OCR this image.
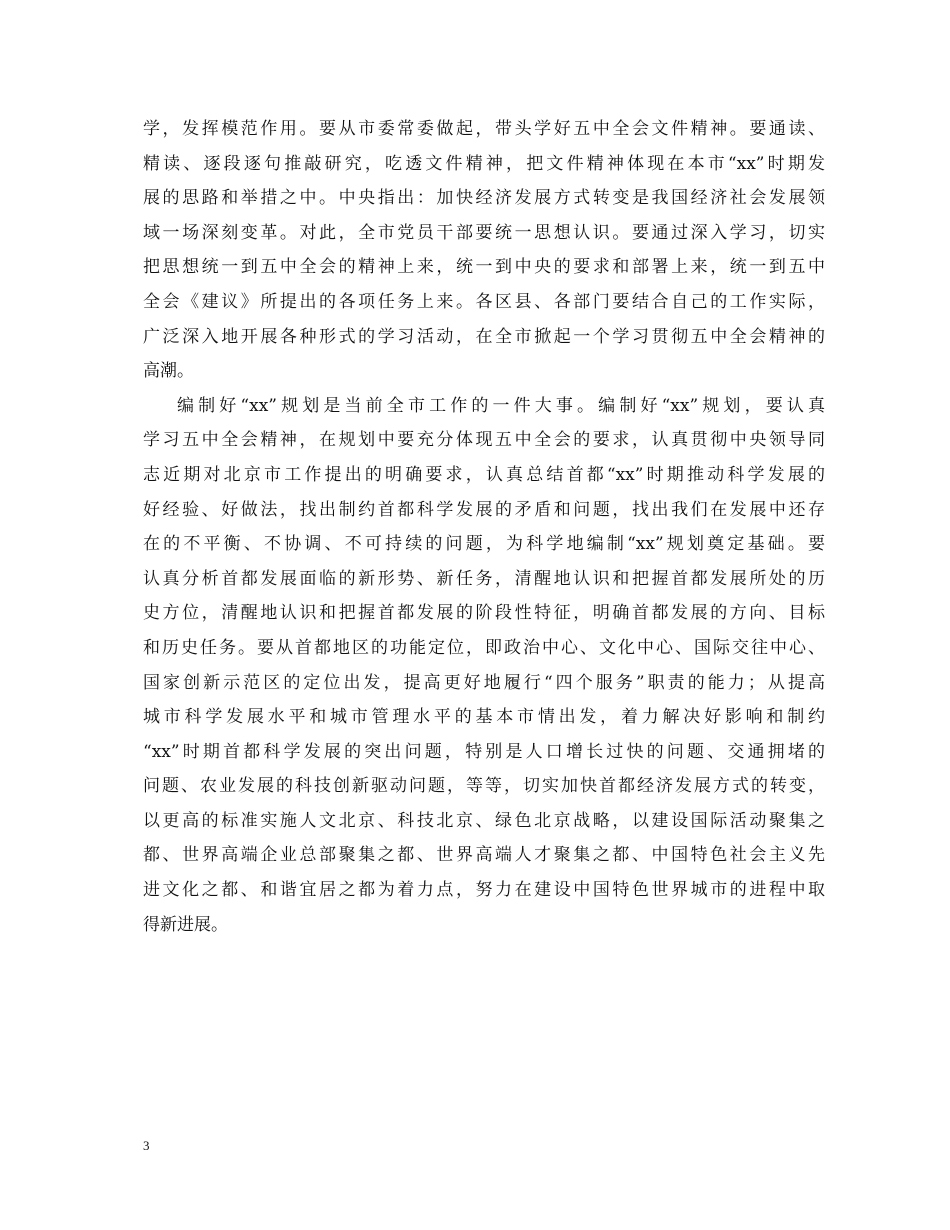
学，发挥模范作用。要从市委常委做起，带头学好五中全会文件精神。要通读、
精读、逐段逐句推敲研究，吃透文件精神，把文件精神体现在本市“xx”时期发
展的思路和举措之中。中央指出：加快经济发展方式转变是我国经济社会发展领
域一场深刻变革。对此，全市党员干部要统一思想认识。要通过深入学习，切实
把思想统一到五中全会的精神上来，统一到中央的要求和部署上来，统一到五中
全会《建议》所提出的各项任务上来。各区县、各部门要结合自己的工作实际，
广泛深入地开展各种形式的学习活动，在全市掀起一个学习贯彻五中全会精神的
高潮。
编制好“xx”规划是当前全市工作的一件大事。编制好“xx”规划，要认真
学习五中全会精神，在规划中要充分体现五中全会的要求，认真贯彻中央领导同
志近期对北京市工作提出的明确要求，认真总结首都“xx”时期推动科学发展的
好经验、好做法，找出制约首都科学发展的矛盾和问题，找出我们在发展中还存
在的不平衡、不协调、不可持续的问题，为科学地编制“xx”规划奠定基础。要
认真分析首都发展面临的新形势、新任务，清醒地认识和把握首都发展所处的历
史方位，清醒地认识和把握首都发展的阶段性特征，明确首都发展的方向、目标
和历史任务。要从首都地区的功能定位，即政治中心、文化中心、国际交往中心、
国家创新示范区的定位出发，提高更好地履行“四个服务”职责的能力；从提高
城市科学发展水平和城市管理水平的基本市情出发，着力解决好影响和制约
“xx”时期首都科学发展的突出问题，特别是人口增长过快的问题、交通拥堵的
问题、农业发展的科技创新驱动问题，等等，切实加快首都经济发展方式的转变，
以更高的标准实施人文北京、科技北京、绿色北京战略，以建设国际活动聚集之
都、世界高端企业总部聚集之都、世界高端人才聚集之都、中国特色社会主义先
进文化之都、和谐宜居之都为着力点，努力在建设中国特色世界城市的进程中取
得新进展。
3
